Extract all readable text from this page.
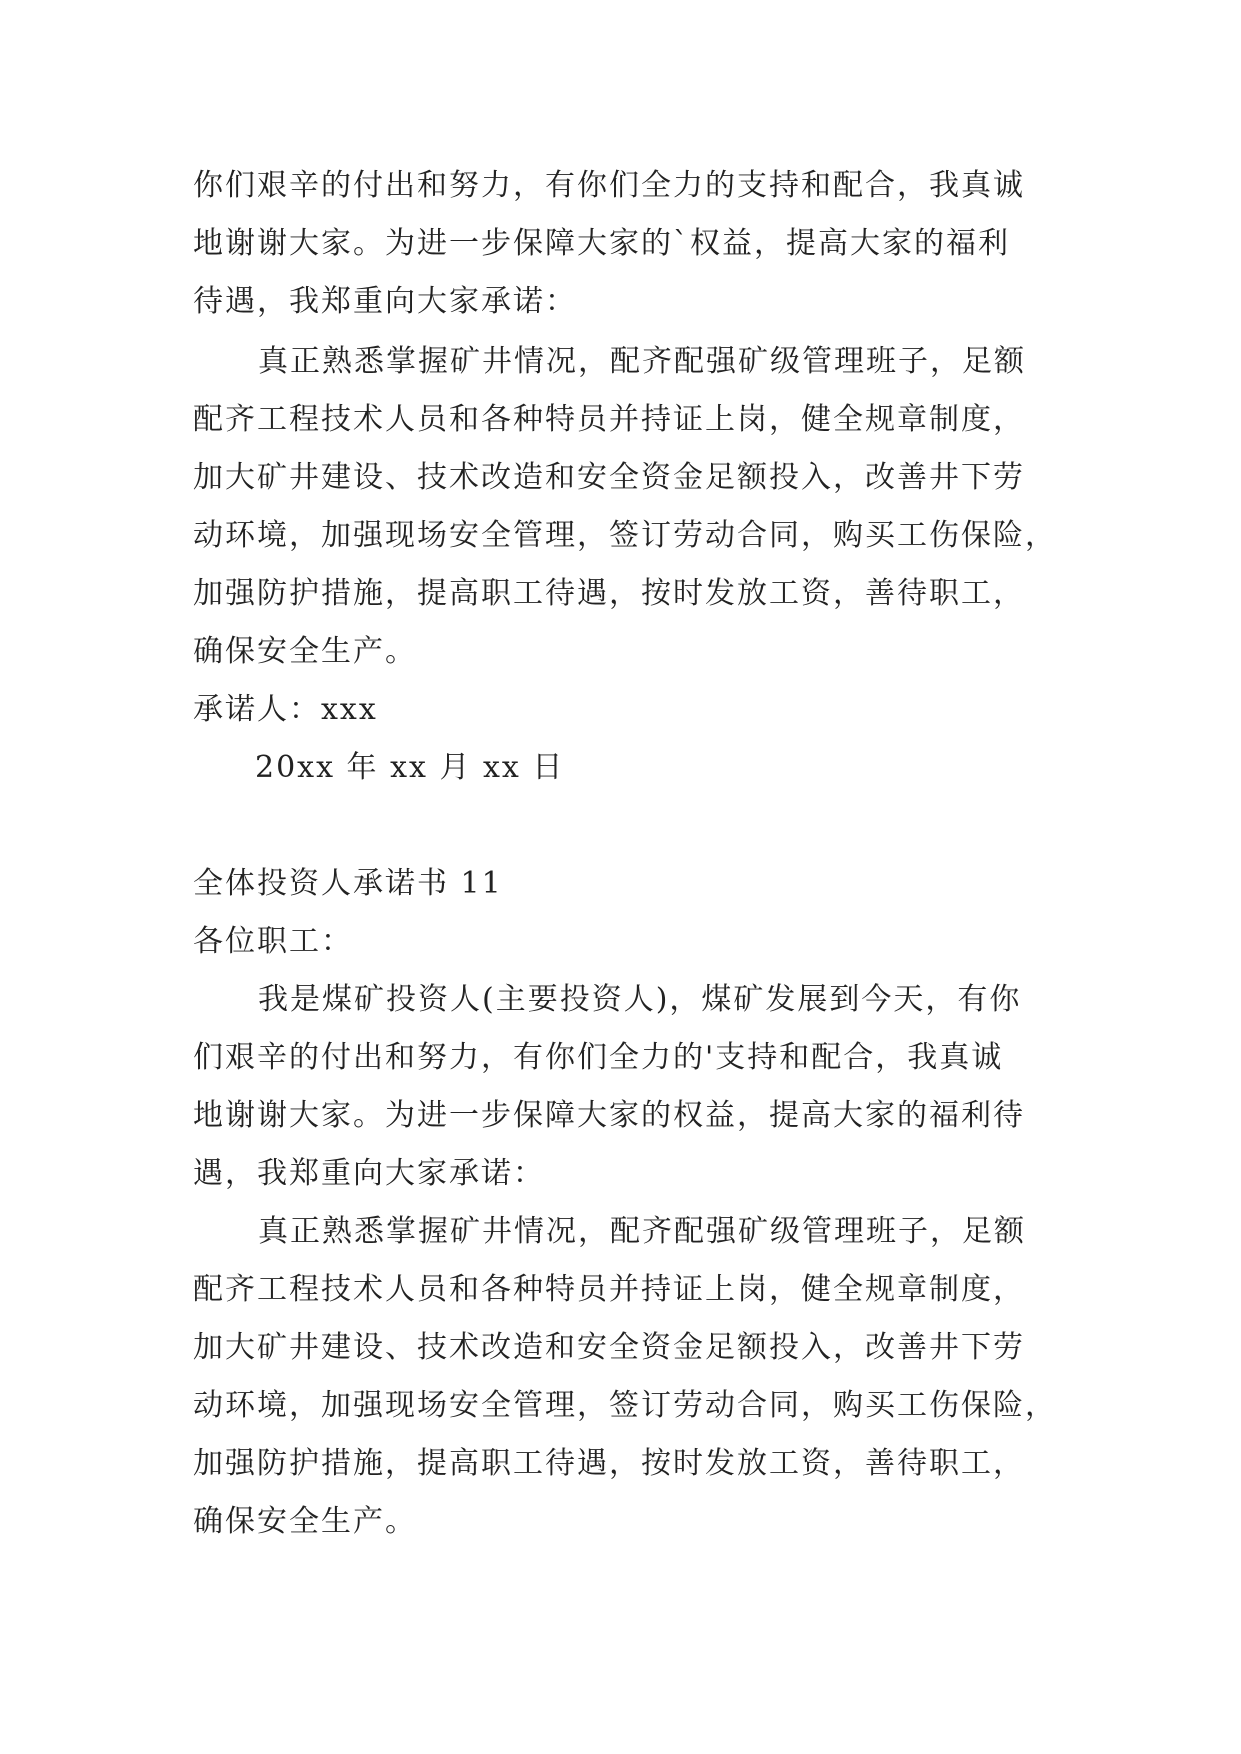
你们艰辛的付出和努力，有你们全力的支持和配合，我真诚
地谢谢大家。为进一步保障大家的`权益，提高大家的福利
待遇，我郑重向大家承诺：
真正熟悉掌握矿井情况，配齐配强矿级管理班子，足额
配齐工程技术人员和各种特员并持证上岗，健全规章制度，
加大矿井建设、技术改造和安全资金足额投入，改善井下劳
动环境，加强现场安全管理，签订劳动合同，购买工伤保险，
加强防护措施，提高职工待遇，按时发放工资，善待职工，
确保安全生产。
承诺人：xxx
20xx 年 xx 月 xx 日
全体投资人承诺书 11
各位职工：
我是煤矿投资人(主要投资人)，煤矿发展到今天，有你
们艰辛的付出和努力，有你们全力的'支持和配合，我真诚
地谢谢大家。为进一步保障大家的权益，提高大家的福利待
遇，我郑重向大家承诺：
真正熟悉掌握矿井情况，配齐配强矿级管理班子，足额
配齐工程技术人员和各种特员并持证上岗，健全规章制度，
加大矿井建设、技术改造和安全资金足额投入，改善井下劳
动环境，加强现场安全管理，签订劳动合同，购买工伤保险，
加强防护措施，提高职工待遇，按时发放工资，善待职工，
确保安全生产。
